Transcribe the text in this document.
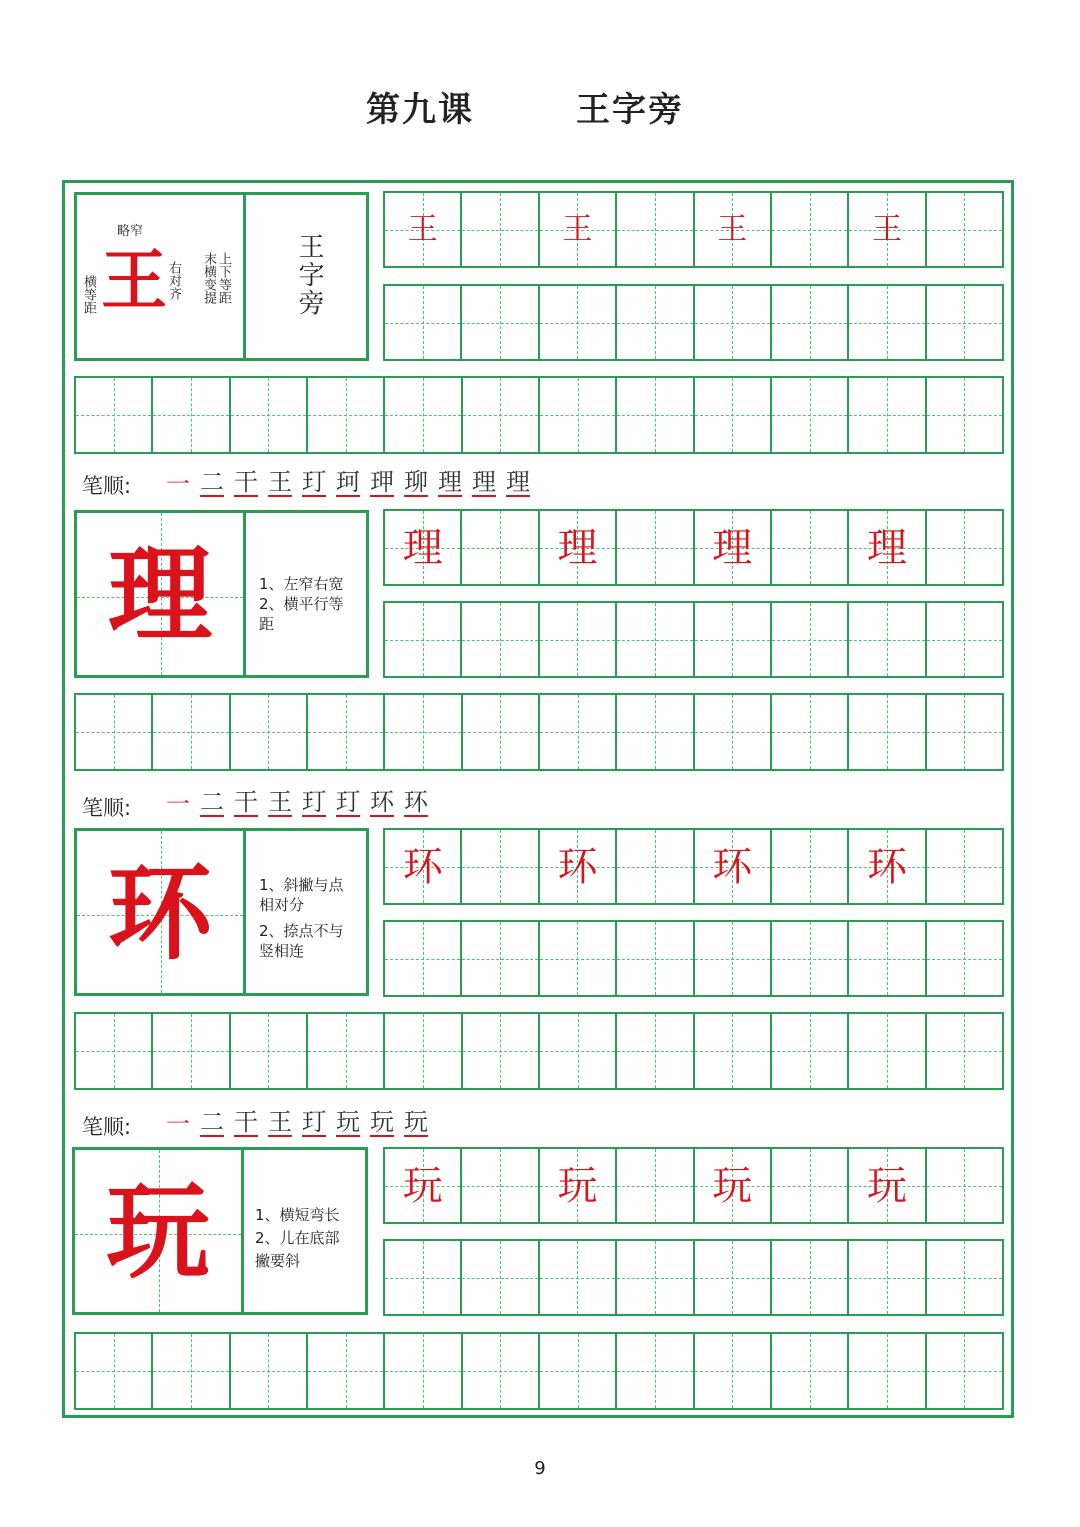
第九课	王字旁
横等距
略窄
王 右对齐	上下等距末横变提	王字旁
王	王	王	王
笔顺: 一 二 干 王 玎 珂 玾 珋 理 理 理
理	1、左窄右宽
2、横平行等
距
理	理	理	理
笔顺: 一 二 干 王 玎 玎 环 环
环	1、斜撇与点
相对分
2、捺点不与
竖相连
环	环	环	环
笔顺: 一 二 干 王 玎 玩 玩 玩
玩	1、横短弯长
2、儿在底部
撇要斜
玩	玩	玩	玩
9
